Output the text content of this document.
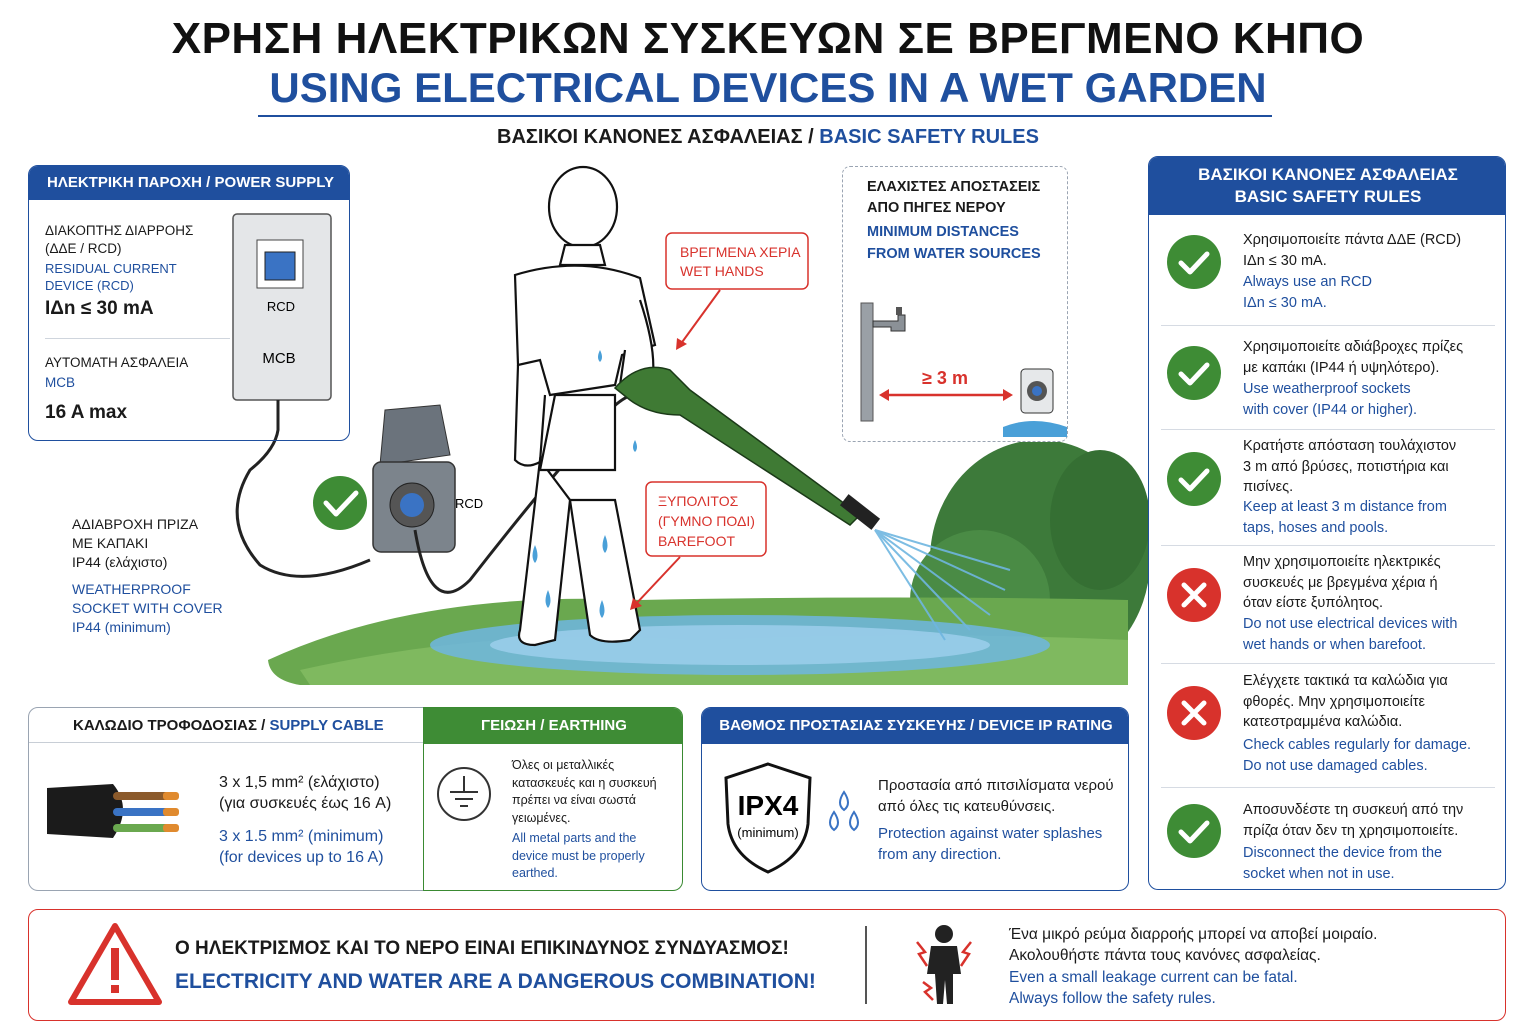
ΧΡΗΣΗ ΗΛΕΚΤΡΙΚΩΝ ΣΥΣΚΕΥΩΝ ΣΕ ΒΡΕΓΜΕΝΟ ΚΗΠΟ
USING ELECTRICAL DEVICES IN A WET GARDEN
ΒΑΣΙΚΟΙ ΚΑΝΟΝΕΣ ΑΣΦΑΛΕΙΑΣ / BASIC SAFETY RULES
RCD
MCB
RCD
ΒΡΕΓΜΕΝΑ ΧΕΡΙΑ
WET HANDS
ΞΥΠΟΛΙΤΟΣ
(ΓΥΜΝΟ ΠΟΔΙ)
BAREFOOT
ΑΔΙΑΒΡΟΧΗ ΠΡΙΖΑ
ΜΕ ΚΑΠΑΚΙ
IP44 (ελάχιστο)
WEATHERPROOF
SOCKET WITH COVER
IP44 (minimum)
ΗΛΕΚΤΡΙΚΗ ΠΑΡΟΧΗ / POWER SUPPLY
ΔΙΑΚΟΠΤΗΣ ΔΙΑΡΡΟΗΣ
(ΔΔΕ / RCD)
RESIDUAL CURRENT
DEVICE (RCD)
IΔn ≤ 30 mA
ΑΥΤΟΜΑΤΗ ΑΣΦΑΛΕΙΑ
MCB
16 A max
ΕΛΑΧΙΣΤΕΣ ΑΠΟΣΤΑΣΕΙΣ
ΑΠΟ ΠΗΓΕΣ ΝΕΡΟΥ
MINIMUM DISTANCES
FROM WATER SOURCES
≥ 3 m
ΒΑΣΙΚΟΙ ΚΑΝΟΝΕΣ ΑΣΦΑΛΕΙΑΣ
BASIC SAFETY RULES
Χρησιμοποιείτε πάντα ΔΔΕ (RCD)
IΔn ≤ 30 mA.
Always use an RCD
IΔn ≤ 30 mA.
Χρησιμοποιείτε αδιάβροχες πρίζες
με καπάκι (IP44 ή υψηλότερο).
Use weatherproof sockets
with cover (IP44 or higher).
Κρατήστε απόσταση τουλάχιστον
3 m από βρύσες, ποτιστήρια και
πισίνες.
Keep at least 3 m distance from
taps, hoses and pools.
Μην χρησιμοποιείτε ηλεκτρικές
συσκευές με βρεγμένα χέρια ή
όταν είστε ξυπόλητος.
Do not use electrical devices with
wet hands or when barefoot.
Ελέγχετε τακτικά τα καλώδια για
φθορές. Μην χρησιμοποιείτε
κατεστραμμένα καλώδια.
Check cables regularly for damage.
Do not use damaged cables.
Αποσυνδέστε τη συσκευή από την
πρίζα όταν δεν τη χρησιμοποιείτε.
Disconnect the device from the
socket when not in use.
ΚΑΛΩΔΙΟ ΤΡΟΦΟΔΟΣΙΑΣ / SUPPLY CABLE
3 x 1,5 mm² (ελάχιστο)
(για συσκευές έως 16 A)
3 x 1.5 mm² (minimum)
(for devices up to 16 A)
ΓΕΙΩΣΗ / EARTHING
Όλες οι μεταλλικές
κατασκευές και η συσκευή
πρέπει να είναι σωστά
γειωμένες.
All metal parts and the
device must be properly
earthed.
ΒΑΘΜΟΣ ΠΡΟΣΤΑΣΙΑΣ ΣΥΣΚΕΥΗΣ / DEVICE IP RATING
IPX4
(minimum)
Προστασία από πιτσιλίσματα νερού
από όλες τις κατευθύνσεις.
Protection against water splashes
from any direction.
Ο ΗΛΕΚΤΡΙΣΜΟΣ ΚΑΙ ΤΟ ΝΕΡΟ ΕΙΝΑΙ ΕΠΙΚΙΝΔΥΝΟΣ ΣΥΝΔΥΑΣΜΟΣ!
ELECTRICITY AND WATER ARE A DANGEROUS COMBINATION!
Ένα μικρό ρεύμα διαρροής μπορεί να αποβεί μοιραίο.
Ακολουθήστε πάντα τους κανόνες ασφαλείας.
Even a small leakage current can be fatal.
Always follow the safety rules.
